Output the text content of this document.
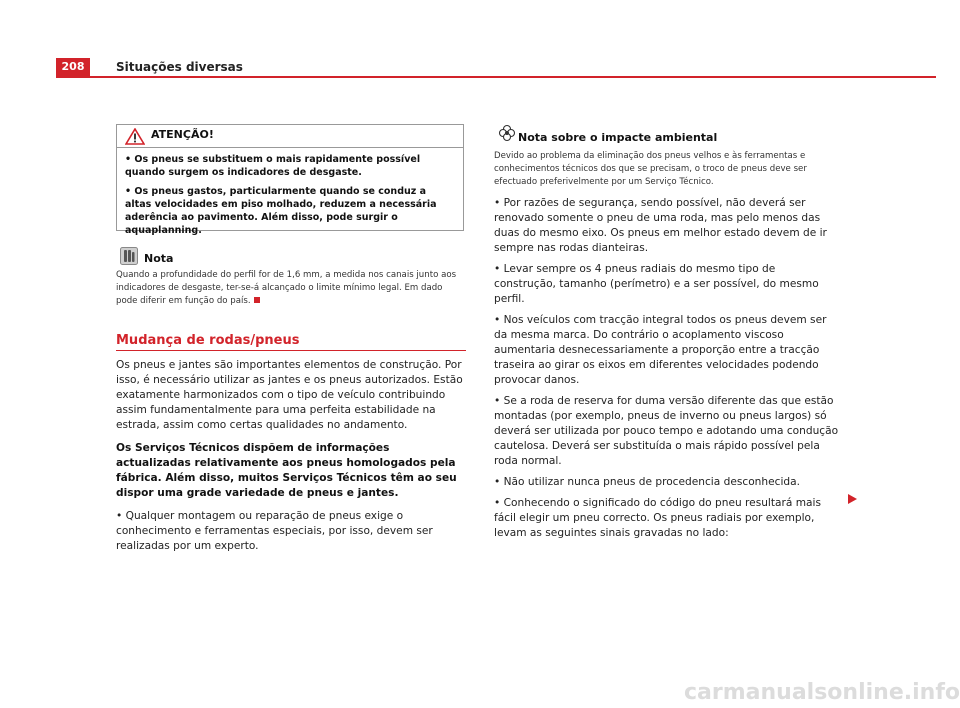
208	Situações diversas
ATENÇÃO!

• Os pneus se substituem o mais rapidamente possível quando surgem os indicadores de desgaste.

• Os pneus gastos, particularmente quando se conduz a altas velocidades em piso molhado, reduzem a necessária aderência ao pavimento. Além disso, pode surgir o aquaplanning.

Nota

Quando a profundidade do perfil for de 1,6 mm, a medida nos canais junto aos indicadores de desgaste, ter-se-á alcançado o limite mínimo legal. Em dado pode diferir em função do país.

Mudança de rodas/pneus

Os pneus e jantes são importantes elementos de construção. Por isso, é necessário utilizar as jantes e os pneus autorizados. Estão exatamente harmonizados com o tipo de veículo contribuindo assim fundamentalmente para uma perfeita estabilidade na estrada, assim como certas qualidades no andamento.

Os Serviços Técnicos dispõem de informações actualizadas relativamente aos pneus homologados pela fábrica. Além disso, muitos Serviços Técnicos têm ao seu dispor uma grade variedade de pneus e jantes.

• Qualquer montagem ou reparação de pneus exige o conhecimento e ferramentas especiais, por isso, devem ser realizadas por um experto.

Nota sobre o impacte ambiental

Devido ao problema da eliminação dos pneus velhos e às ferramentas e conhecimentos técnicos dos que se precisam, o troco de pneus deve ser efectuado preferivelmente por um Serviço Técnico.

• Por razões de segurança, sendo possível, não deverá ser renovado somente o pneu de uma roda, mas pelo menos das duas do mesmo eixo. Os pneus em melhor estado devem de ir sempre nas rodas dianteiras.

• Levar sempre os 4 pneus radiais do mesmo tipo de construção, tamanho (perímetro) e a ser possível, do mesmo perfil.

• Nos veículos com tracção integral todos os pneus devem ser da mesma marca. Do contrário o acoplamento viscoso aumentaria desnecessariamente a proporção entre a tracção traseira ao girar os eixos em diferentes velocidades podendo provocar danos.

• Se a roda de reserva for duma versão diferente das que estão montadas (por exemplo, pneus de inverno ou pneus largos) só deverá ser utilizada por pouco tempo e adotando uma condução cautelosa. Deverá ser substituída o mais rápido possível pela roda normal.

• Não utilizar nunca pneus de procedencia desconhecida.

• Conhecendo o significado do código do pneu resultará mais fácil elegir um pneu correcto. Os pneus radiais por exemplo, levam as seguintes sinais gravadas no lado:

carmanualsonline.info
